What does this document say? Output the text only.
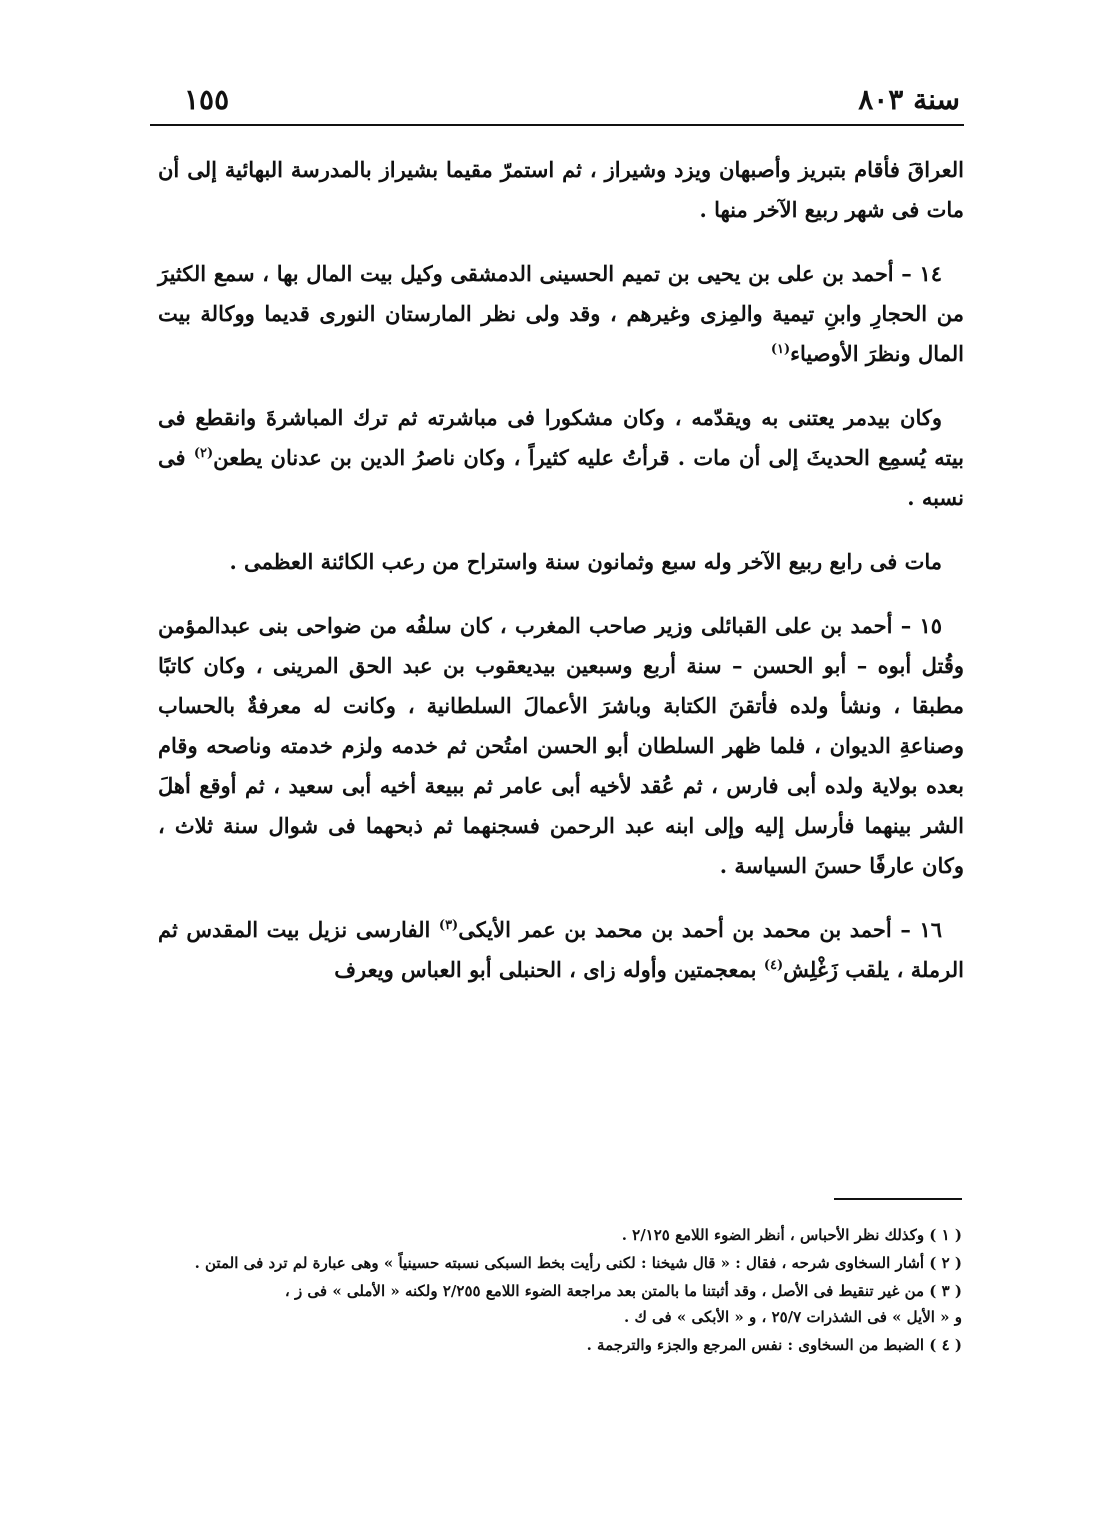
سنة ٨٠٣
١٥٥

العراقَ فأقام بتبريز وأصبهان ويزد وشيراز ، ثم استمرّ مقيما بشيراز بالمدرسة البهائية إلى أن مات فى شهر ربيع الآخر منها .

١٤ – أحمد بن على بن يحيى بن تميم الحسينى الدمشقى وكيل بيت المال بها ، سمع الكثيرَ من الحجارِ وابنِ تيمية والمِزى وغيرهم ، وقد ولى نظر المارستان النورى قديما ووكالة بيت المال ونظرَ الأوصياء$^{(١)}$

وكان بيدمر يعتنى به ويقدّمه ، وكان مشكورا فى مباشرته ثم ترك المباشرةَ وانقطع فى بيته يُسمِع الحديثَ إلى أن مات . قرأتُ عليه كثيراً ، وكان ناصرُ الدين بن عدنان يطعن$^{(٢)}$ فى نسبه .

مات فى رابع ربيع الآخر وله سبع وثمانون سنة واستراح من رعب الكائنة العظمى .

١٥ – أحمد بن على القبائلى وزير صاحب المغرب ، كان سلفُه من ضواحى بنى عبدالمؤمن وقُتل أبوه – أبو الحسن – سنة أربع وسبعين بيديعقوب بن عبد الحق المرينى ، وكان كاتبًا مطبقا ، ونشأ ولده فأتقنَ الكتابة وباشرَ الأعمالَ السلطانية ، وكانت له معرفةٌ بالحساب وصناعةِ الديوان ، فلما ظهر السلطان أبو الحسن امتُحن ثم خدمه ولزم خدمته وناصحه وقام بعده بولاية ولده أبى فارس ، ثم عُقد لأخيه أبى عامر ثم ببيعة أخيه أبى سعيد ، ثم أوقع أهلَ الشر بينهما فأرسل إليه وإلى ابنه عبد الرحمن فسجنهما ثم ذبحهما فى شوال سنة ثلاث ، وكان عارفًا حسنَ السياسة .

١٦ – أحمد بن محمد بن أحمد بن محمد بن عمر الأيكى$^{(٣)}$ الفارسى نزيل بيت المقدس ثم الرملة ، يلقب زَغْلِش$^{(٤)}$ بمعجمتين وأوله زاى ، الحنبلى أبو العباس ويعرف

( ١ ) وكذلك نظر الأحباس ، أنظر الضوء اللامع ٢/١٢٥ .
( ٢ ) أشار السخاوى شرحه ، فقال : « قال شيخنا : لكنى رأيت بخط السبكى نسبته حسينياً » وهى عبارة لم ترد فى المتن .
( ٣ ) من غير تنقيط فى الأصل ، وقد أثبتنا ما بالمتن بعد مراجعة الضوء اللامع ٢/٢٥٥ ولكنه « الأملى » فى ز ،
و « الأيل » فى الشذرات ٢٥/٧ ، و « الأبكى » فى ك .
( ٤ ) الضبط من السخاوى : نفس المرجع والجزء والترجمة .
